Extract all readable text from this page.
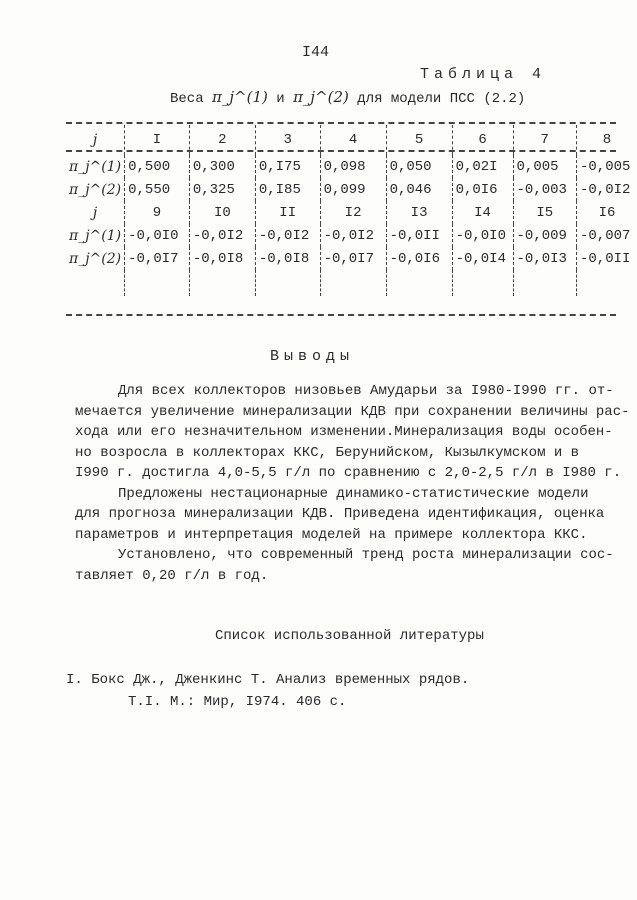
I44
Таблица 4
Веса π_j^(1) и π_j^(2) для модели ПСС (2.2)
j	I	2	3	4	5	6	7	8
π_j^(1)	0,500	0,300	0,I75	0,098	0,050	0,02I	0,005	-0,005
π_j^(2)	0,550	0,325	0,I85	0,099	0,046	0,0I6	-0,003	-0,0I2
j	9	I0	II	I2	I3	I4	I5	I6
π_j^(1)	-0,0I0	-0,0I2	-0,0I2	-0,0I2	-0,0II	-0,0I0	-0,009	-0,007
π_j^(2)	-0,0I7	-0,0I8	-0,0I8	-0,0I7	-0,0I6	-0,0I4	-0,0I3	-0,0II

Выводы
Для всех коллекторов низовьев Амударьи за I980-I990 гг. от-
мечается увеличение минерализации КДВ при сохранении величины рас-
хода или его незначительном изменении.Минерализация воды особен-
но возросла в коллекторах ККС, Берунийском, Кызылкумском и в
I990 г. достигла 4,0-5,5 г/л по сравнению с 2,0-2,5 г/л в I980 г.
Предложены нестационарные динамико-статистические модели
для прогноза минерализации КДВ. Приведена идентификация, оценка
параметров и интерпретация моделей на примере коллектора ККС.
Установлено, что современный тренд роста минерализации сос-
тавляет 0,20 г/л в год.
Список использованной литературы
I. Бокс Дж., Дженкинс Т. Анализ временных рядов.
Т.I. М.: Мир, I974. 406 с.
